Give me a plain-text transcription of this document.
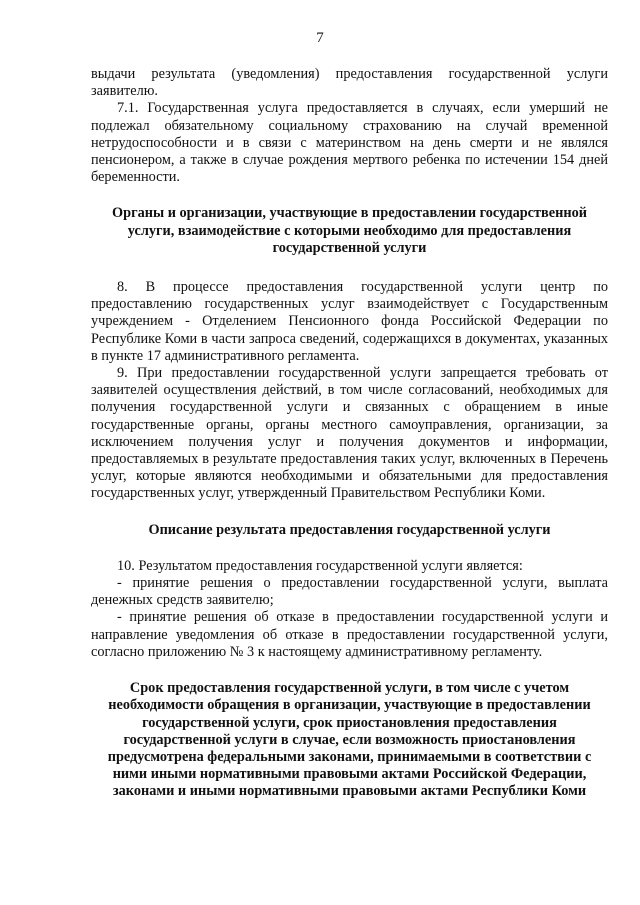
7

выдачи результата (уведомления) предоставления государственной услуги заявителю.

7.1. Государственная услуга предоставляется в случаях, если умерший не подлежал обязательному социальному страхованию на случай временной нетрудоспособности и в связи с материнством на день смерти и не являлся пенсионером, а также в случае рождения мертвого ребенка по истечении 154 дней беременности.

Органы и организации, участвующие в предоставлении государственной услуги, взаимодействие с которыми необходимо для предоставления государственной услуги

8. В процессе предоставления государственной услуги центр по предоставлению государственных услуг взаимодействует с Государственным учреждением - Отделением Пенсионного фонда Российской Федерации по Республике Коми в части запроса сведений, содержащихся в документах, указанных в пункте 17 административного регламента.

9. При предоставлении государственной услуги запрещается требовать от заявителей осуществления действий, в том числе согласований, необходимых для получения государственной услуги и связанных с обращением в иные государственные органы, органы местного самоуправления, организации, за исключением получения услуг и получения документов и информации, предоставляемых в результате предоставления таких услуг, включенных в Перечень услуг, которые являются необходимыми и обязательными для предоставления государственных услуг, утвержденный Правительством Республики Коми.

Описание результата предоставления государственной услуги

10. Результатом предоставления государственной услуги является:

- принятие решения о предоставлении государственной услуги, выплата денежных средств заявителю;

- принятие решения об отказе в предоставлении государственной услуги и направление уведомления об отказе в предоставлении государственной услуги, согласно приложению № 3 к настоящему административному регламенту.

Срок предоставления государственной услуги, в том числе с учетом необходимости обращения в организации, участвующие в предоставлении государственной услуги, срок приостановления предоставления государственной услуги в случае, если возможность приостановления предусмотрена федеральными законами, принимаемыми в соответствии с ними иными нормативными правовыми актами Российской Федерации, законами и иными нормативными правовыми актами Республики Коми
